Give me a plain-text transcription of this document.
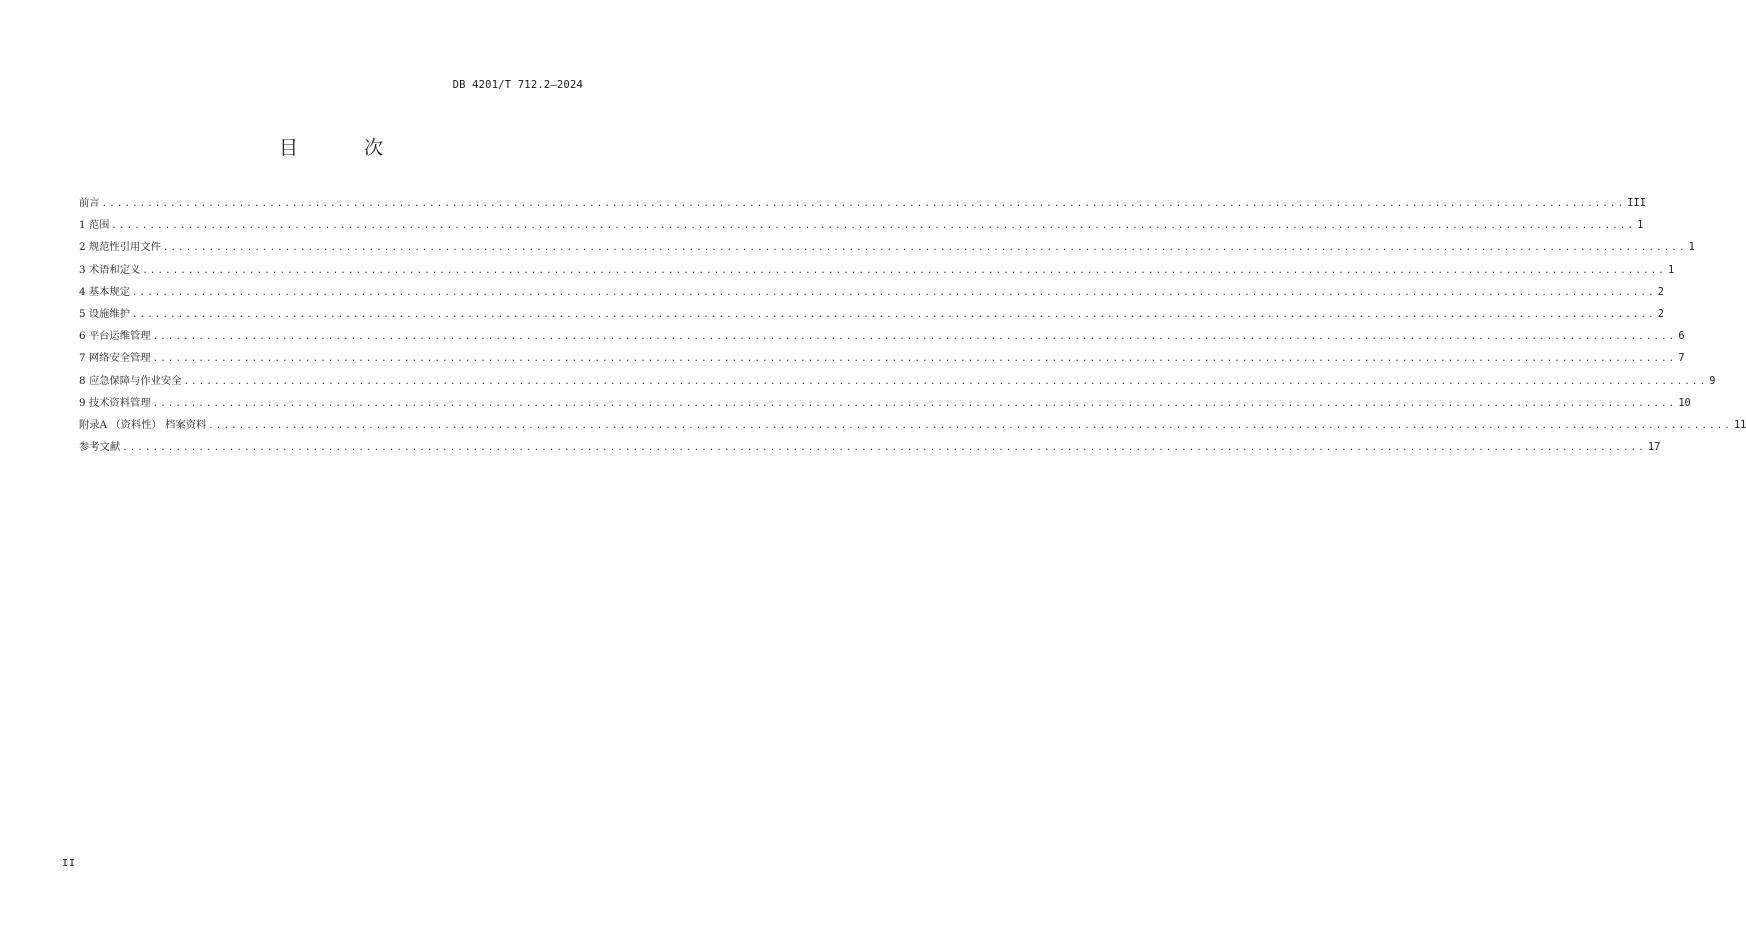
DB 4201/T 712.2—2024
目 次
前言 ........................................................................................................................................................................................................ III
1 范围 ........................................................................................................................................................................................................ 1
2 规范性引用文件 ........................................................................................................................................................................................................ 1
3 术语和定义 ........................................................................................................................................................................................................ 1
4 基本规定 ........................................................................................................................................................................................................ 2
5 设施维护 ........................................................................................................................................................................................................ 2
6 平台运维管理 ........................................................................................................................................................................................................ 6
7 网络安全管理 ........................................................................................................................................................................................................ 7
8 应急保障与作业安全 ........................................................................................................................................................................................................ 9
9 技术资料管理 ........................................................................................................................................................................................................ 10
附录A （资料性） 档案资料 ........................................................................................................................................................................................................ 11
参考文献 ........................................................................................................................................................................................................ 17
II
